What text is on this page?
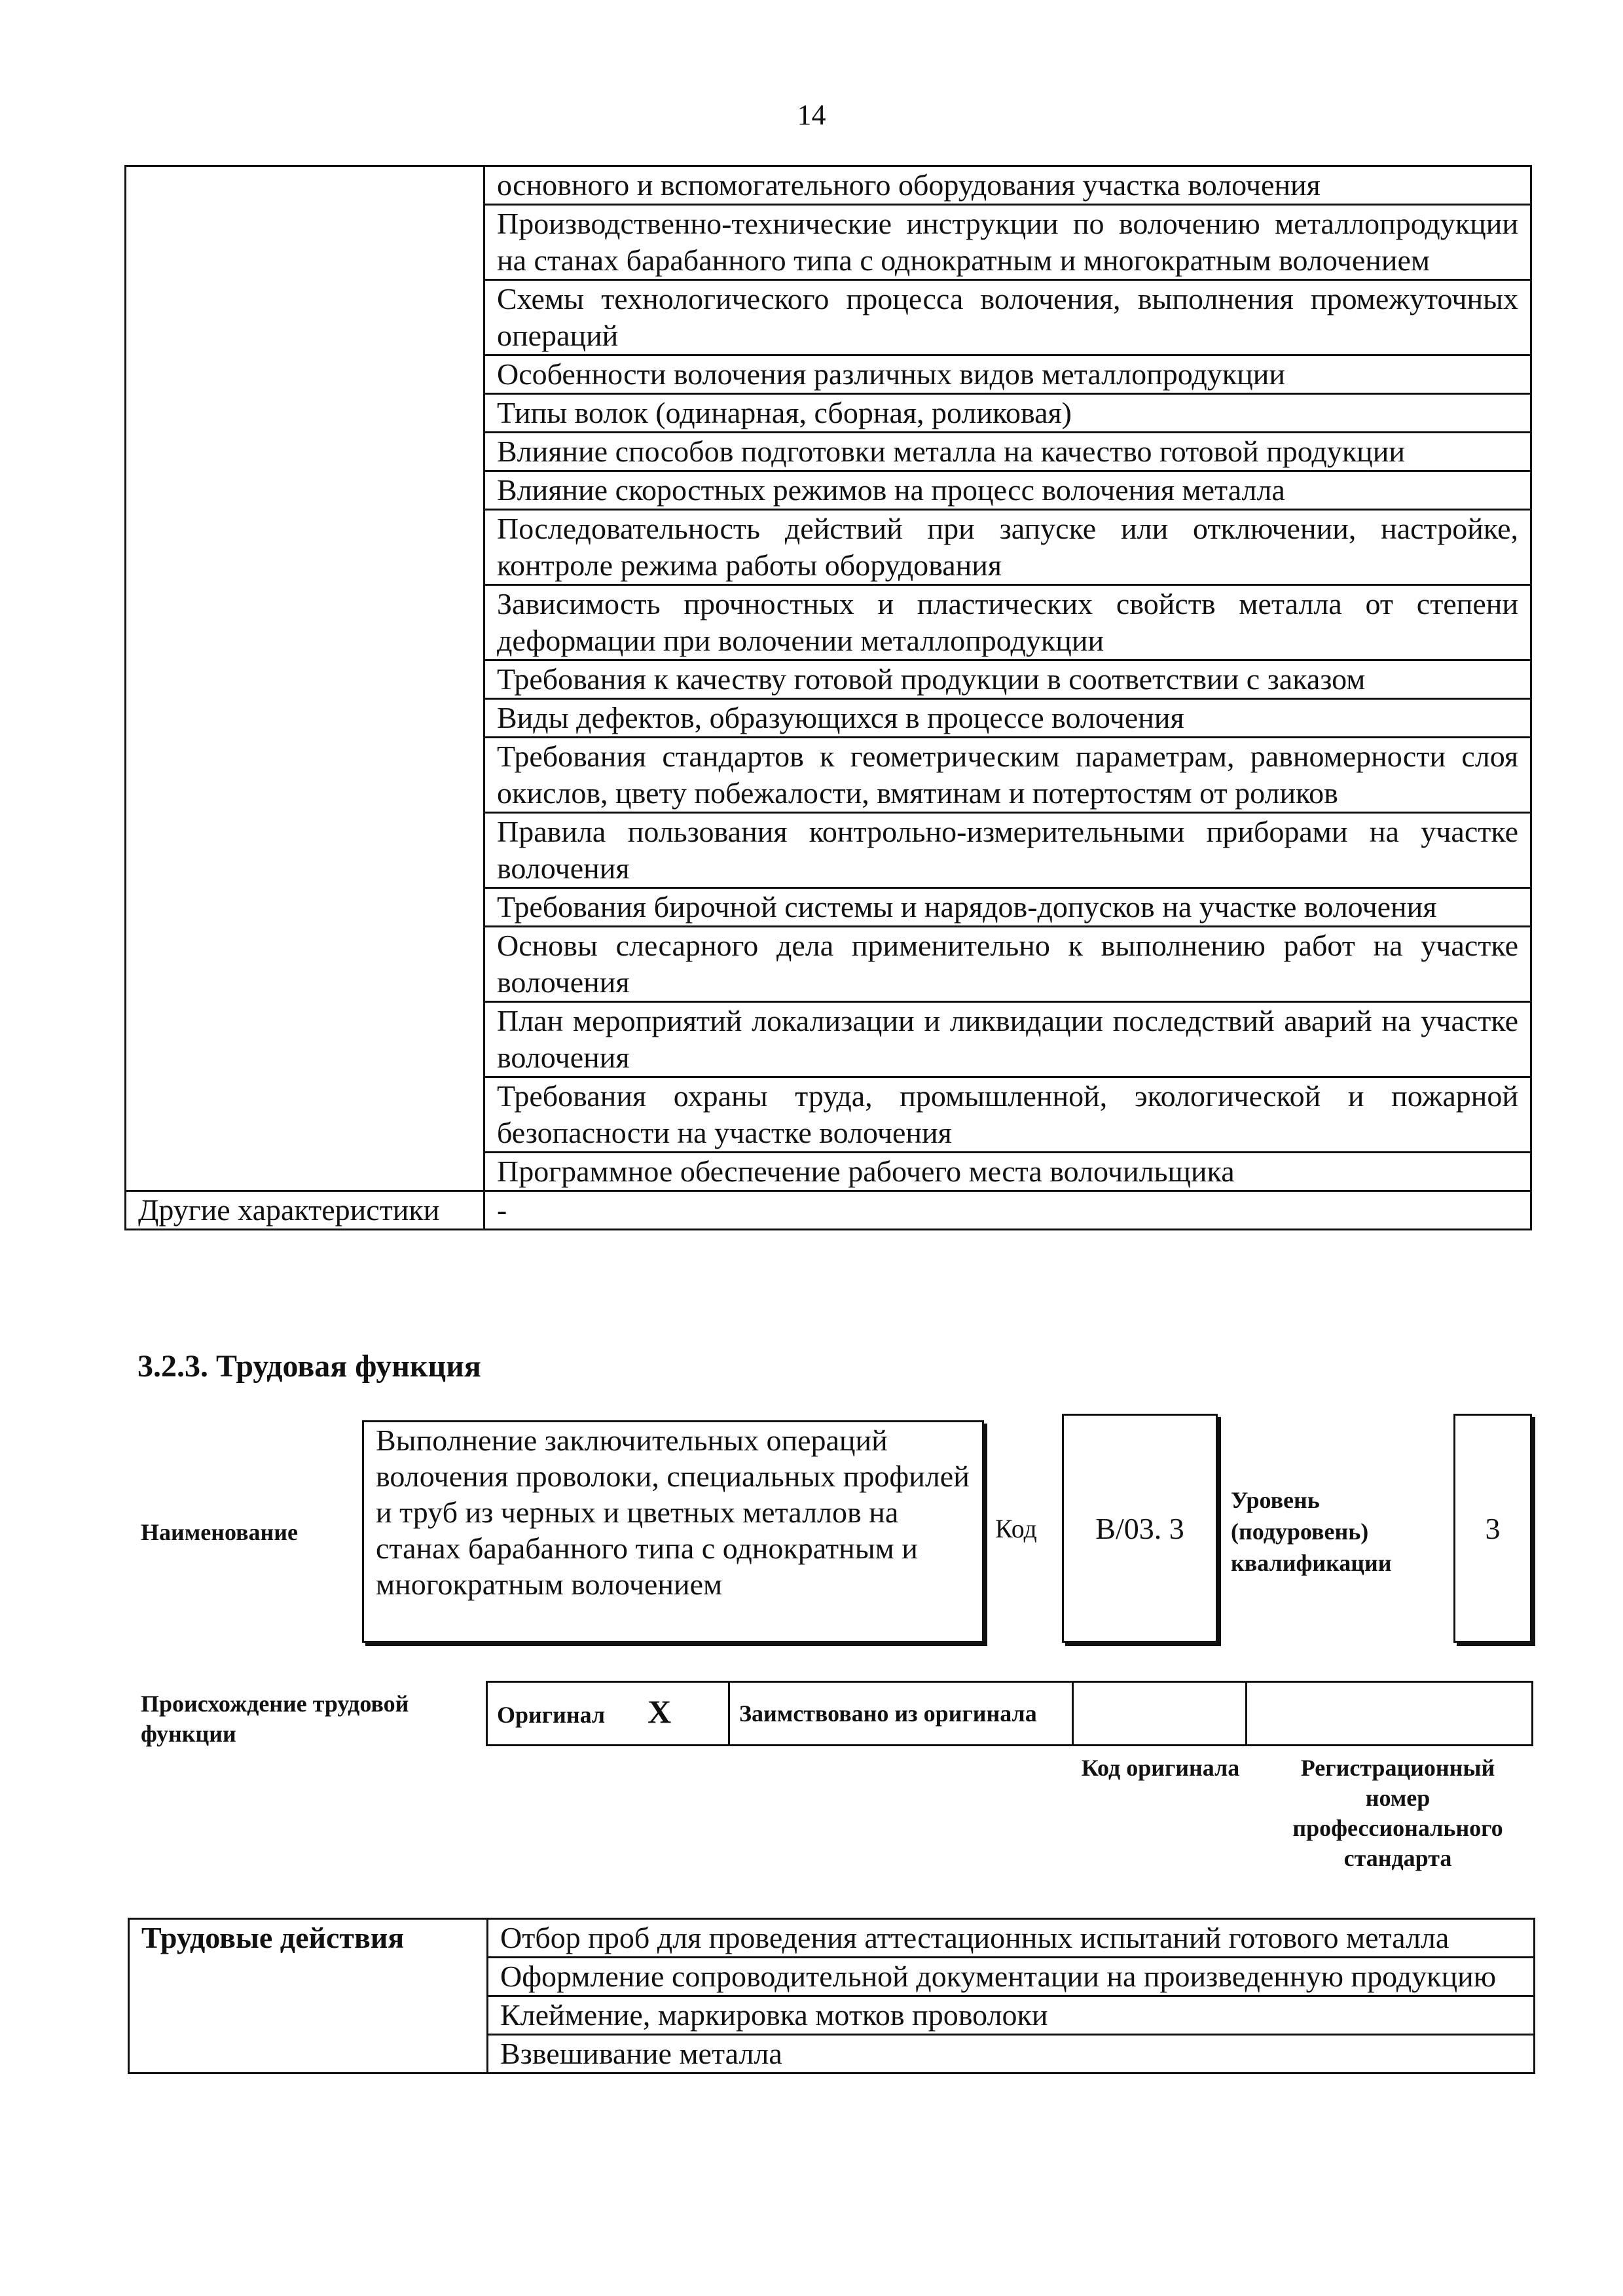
14
	основного и вспомогательного оборудования участка волочения
	Производственно-технические инструкции по волочению металлопродукции на станах барабанного типа с однократным и многократным волочением
	Схемы технологического процесса волочения, выполнения промежуточных операций
	Особенности волочения различных видов металлопродукции
	Типы волок (одинарная, сборная, роликовая)
	Влияние способов подготовки металла на качество готовой продукции
	Влияние скоростных режимов на процесс волочения металла
	Последовательность действий при запуске или отключении, настройке, контроле режима работы оборудования
	Зависимость прочностных и пластических свойств металла от степени деформации при волочении металлопродукции
	Требования к качеству готовой продукции в соответствии с заказом
	Виды дефектов, образующихся в процессе волочения
	Требования стандартов к геометрическим параметрам, равномерности слоя окислов, цвету побежалости, вмятинам и потертостям от роликов
	Правила пользования контрольно-измерительными приборами на участке волочения
	Требования бирочной системы и нарядов-допусков на участке волочения
	Основы слесарного дела применительно к выполнению работ на участке волочения
	План мероприятий локализации и ликвидации последствий аварий на участке волочения
	Требования охраны труда, промышленной, экологической и пожарной безопасности на участке волочения
	Программное обеспечение рабочего места волочильщика
Другие характеристики	-
3.2.3. Трудовая функция
Наименование
Выполнение заключительных операций волочения проволоки, специальных профилей и труб из черных и цветных металлов на станах барабанного типа с однократным и многократным волочением
Код В/03. 3
Уровень (подуровень) квалификации
3
Происхождение трудовой функции
Оригинал X	Заимствовано из оригинала		
Код оригинала	Регистрационный номер профессионального стандарта
Трудовые действия	Отбор проб для проведения аттестационных испытаний готового металла
Оформление сопроводительной документации на произведенную продукцию
Клеймение, маркировка мотков проволоки
Взвешивание металла
